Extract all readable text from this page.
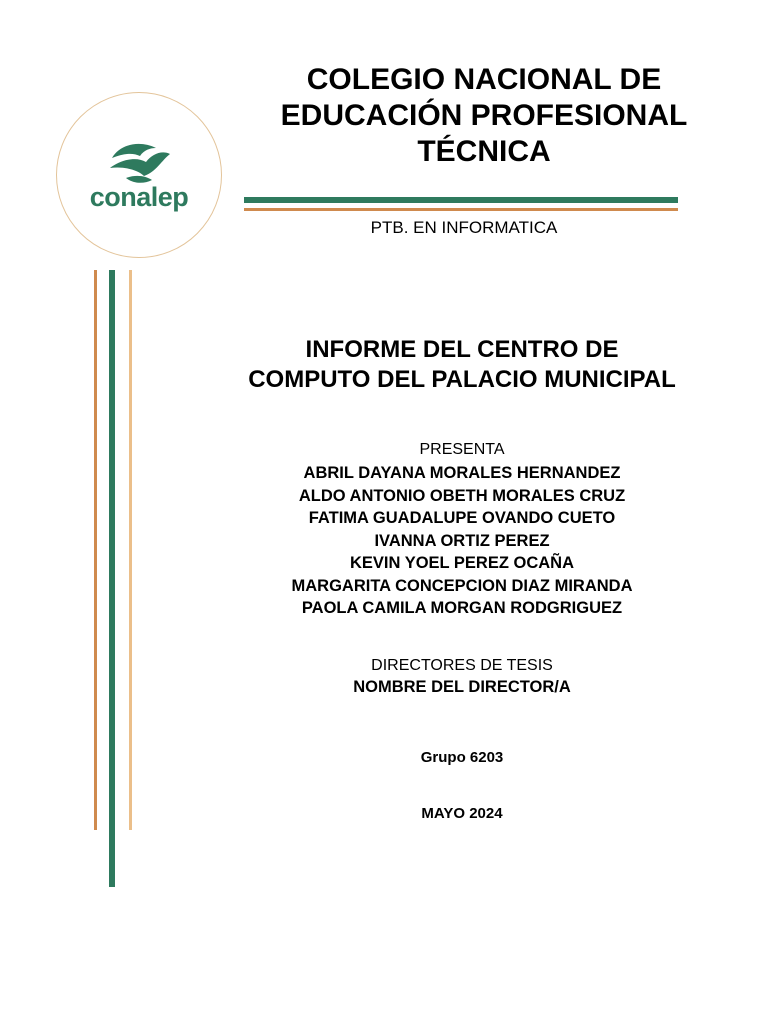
conalep
COLEGIO NACIONAL DE
EDUCACIÓN PROFESIONAL
TÉCNICA
PTB. EN INFORMATICA
INFORME DEL CENTRO DE
COMPUTO DEL PALACIO MUNICIPAL
PRESENTA
ABRIL DAYANA MORALES HERNANDEZ
ALDO ANTONIO OBETH MORALES CRUZ
FATIMA GUADALUPE OVANDO CUETO
IVANNA ORTIZ PEREZ
KEVIN YOEL PEREZ OCAÑA
MARGARITA CONCEPCION DIAZ MIRANDA
PAOLA CAMILA MORGAN RODGRIGUEZ
DIRECTORES DE TESIS
NOMBRE DEL DIRECTOR/A
Grupo 6203
MAYO 2024
